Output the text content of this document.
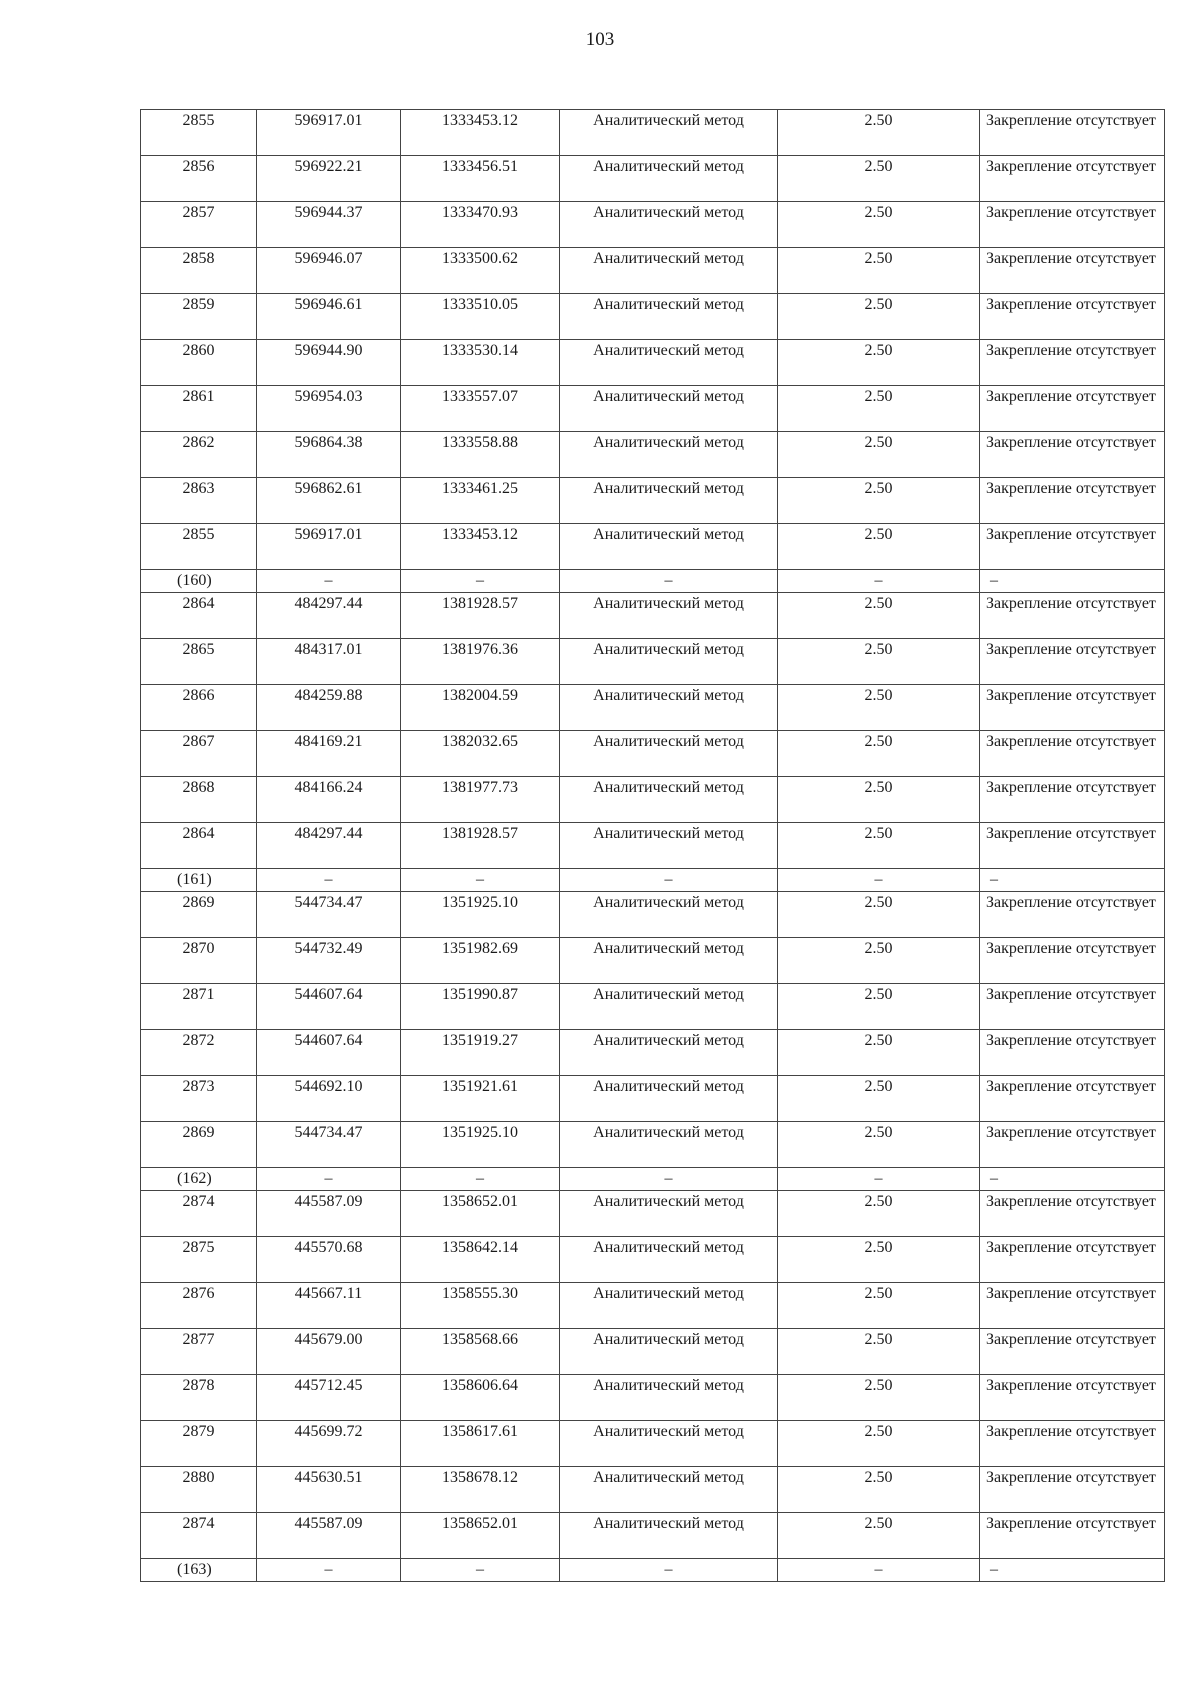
103
2855	596917.01	1333453.12	Аналитический метод	2.50	Закрепление отсутствует
2856	596922.21	1333456.51	Аналитический метод	2.50	Закрепление отсутствует
2857	596944.37	1333470.93	Аналитический метод	2.50	Закрепление отсутствует
2858	596946.07	1333500.62	Аналитический метод	2.50	Закрепление отсутствует
2859	596946.61	1333510.05	Аналитический метод	2.50	Закрепление отсутствует
2860	596944.90	1333530.14	Аналитический метод	2.50	Закрепление отсутствует
2861	596954.03	1333557.07	Аналитический метод	2.50	Закрепление отсутствует
2862	596864.38	1333558.88	Аналитический метод	2.50	Закрепление отсутствует
2863	596862.61	1333461.25	Аналитический метод	2.50	Закрепление отсутствует
2855	596917.01	1333453.12	Аналитический метод	2.50	Закрепление отсутствует
(160)	–	–	–	–	–
2864	484297.44	1381928.57	Аналитический метод	2.50	Закрепление отсутствует
2865	484317.01	1381976.36	Аналитический метод	2.50	Закрепление отсутствует
2866	484259.88	1382004.59	Аналитический метод	2.50	Закрепление отсутствует
2867	484169.21	1382032.65	Аналитический метод	2.50	Закрепление отсутствует
2868	484166.24	1381977.73	Аналитический метод	2.50	Закрепление отсутствует
2864	484297.44	1381928.57	Аналитический метод	2.50	Закрепление отсутствует
(161)	–	–	–	–	–
2869	544734.47	1351925.10	Аналитический метод	2.50	Закрепление отсутствует
2870	544732.49	1351982.69	Аналитический метод	2.50	Закрепление отсутствует
2871	544607.64	1351990.87	Аналитический метод	2.50	Закрепление отсутствует
2872	544607.64	1351919.27	Аналитический метод	2.50	Закрепление отсутствует
2873	544692.10	1351921.61	Аналитический метод	2.50	Закрепление отсутствует
2869	544734.47	1351925.10	Аналитический метод	2.50	Закрепление отсутствует
(162)	–	–	–	–	–
2874	445587.09	1358652.01	Аналитический метод	2.50	Закрепление отсутствует
2875	445570.68	1358642.14	Аналитический метод	2.50	Закрепление отсутствует
2876	445667.11	1358555.30	Аналитический метод	2.50	Закрепление отсутствует
2877	445679.00	1358568.66	Аналитический метод	2.50	Закрепление отсутствует
2878	445712.45	1358606.64	Аналитический метод	2.50	Закрепление отсутствует
2879	445699.72	1358617.61	Аналитический метод	2.50	Закрепление отсутствует
2880	445630.51	1358678.12	Аналитический метод	2.50	Закрепление отсутствует
2874	445587.09	1358652.01	Аналитический метод	2.50	Закрепление отсутствует
(163)	–	–	–	–	–
